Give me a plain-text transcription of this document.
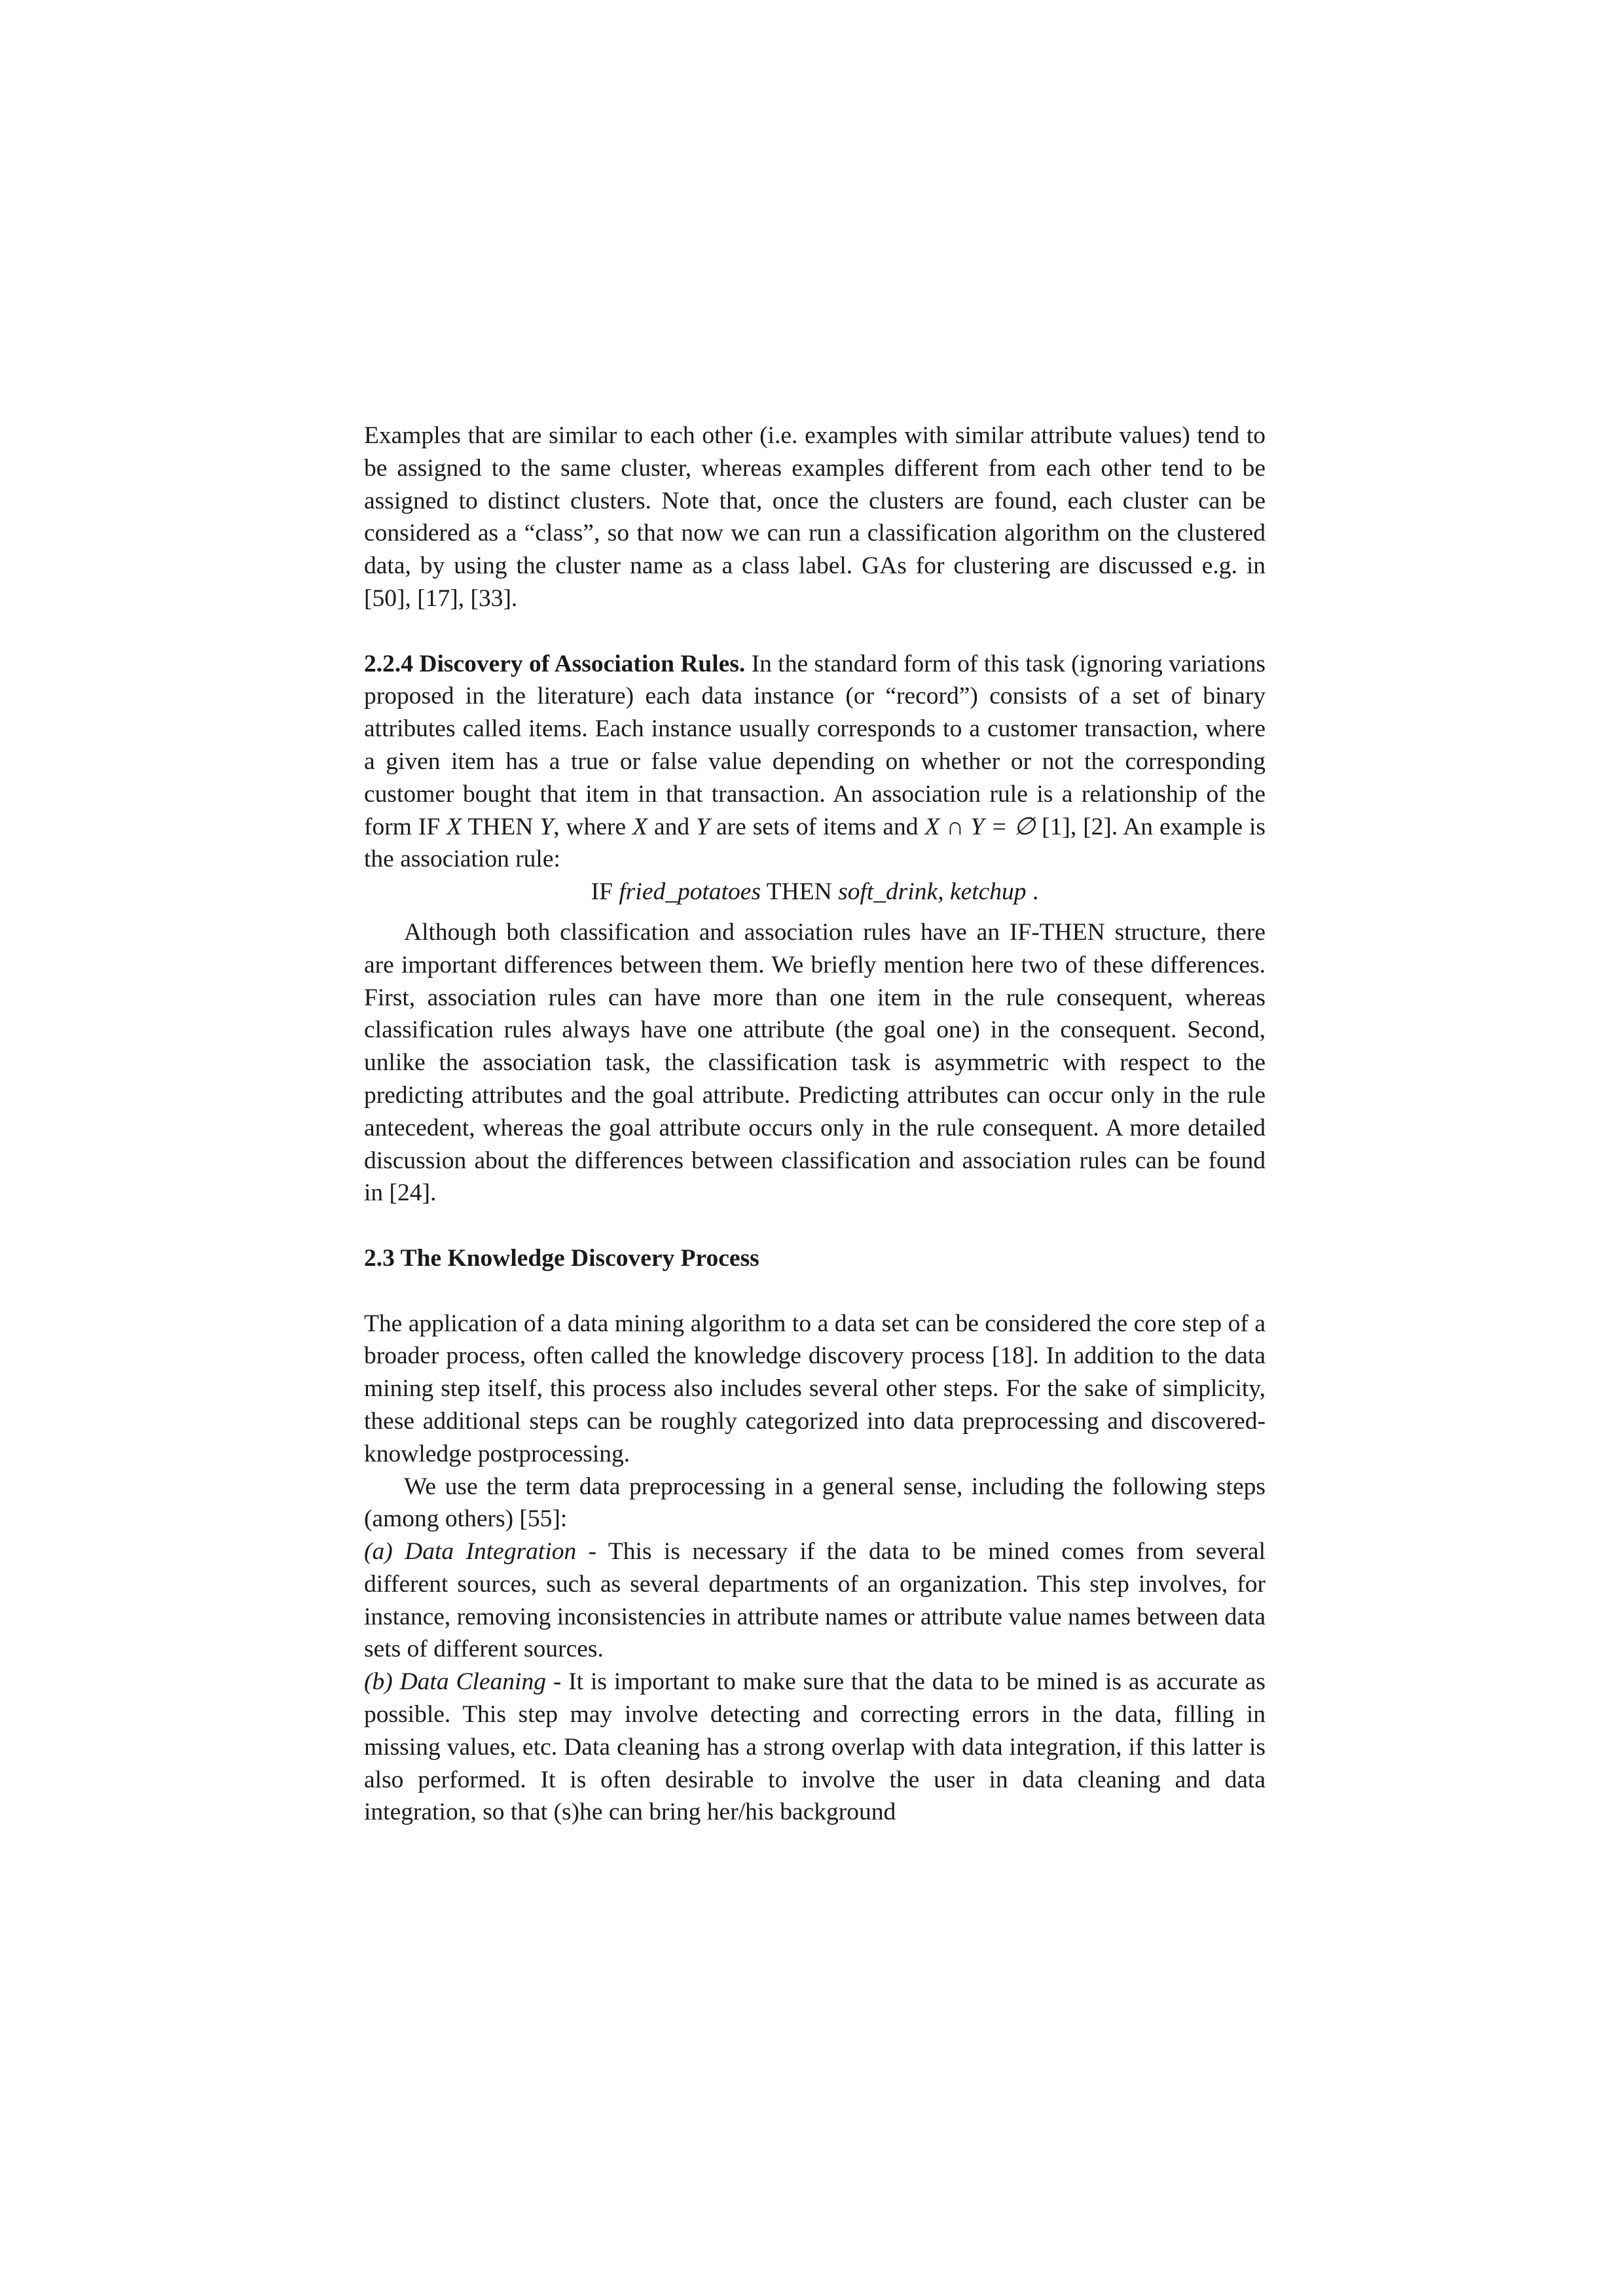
Examples that are similar to each other (i.e. examples with similar attribute values) tend to be assigned to the same cluster, whereas examples different from each other tend to be assigned to distinct clusters. Note that, once the clusters are found, each cluster can be considered as a “class”, so that now we can run a classification algorithm on the clustered data, by using the cluster name as a class label. GAs for clustering are discussed e.g. in [50], [17], [33].

2.2.4 Discovery of Association Rules. In the standard form of this task (ignoring variations proposed in the literature) each data instance (or “record”) consists of a set of binary attributes called items. Each instance usually corresponds to a customer transaction, where a given item has a true or false value depending on whether or not the corresponding customer bought that item in that transaction. An association rule is a relationship of the form IF X THEN Y, where X and Y are sets of items and X ∩ Y = ∅ [1], [2]. An example is the association rule:

IF fried_potatoes THEN soft_drink, ketchup .

Although both classification and association rules have an IF-THEN structure, there are important differences between them. We briefly mention here two of these differences. First, association rules can have more than one item in the rule consequent, whereas classification rules always have one attribute (the goal one) in the consequent. Second, unlike the association task, the classification task is asymmetric with respect to the predicting attributes and the goal attribute. Predicting attributes can occur only in the rule antecedent, whereas the goal attribute occurs only in the rule consequent. A more detailed discussion about the differences between classification and association rules can be found in [24].

2.3 The Knowledge Discovery Process

The application of a data mining algorithm to a data set can be considered the core step of a broader process, often called the knowledge discovery process [18]. In addition to the data mining step itself, this process also includes several other steps. For the sake of simplicity, these additional steps can be roughly categorized into data preprocessing and discovered-knowledge postprocessing.

We use the term data preprocessing in a general sense, including the following steps (among others) [55]:

(a) Data Integration - This is necessary if the data to be mined comes from several different sources, such as several departments of an organization. This step involves, for instance, removing inconsistencies in attribute names or attribute value names between data sets of different sources.

(b) Data Cleaning - It is important to make sure that the data to be mined is as accurate as possible. This step may involve detecting and correcting errors in the data, filling in missing values, etc. Data cleaning has a strong overlap with data integration, if this latter is also performed. It is often desirable to involve the user in data cleaning and data integration, so that (s)he can bring her/his background
